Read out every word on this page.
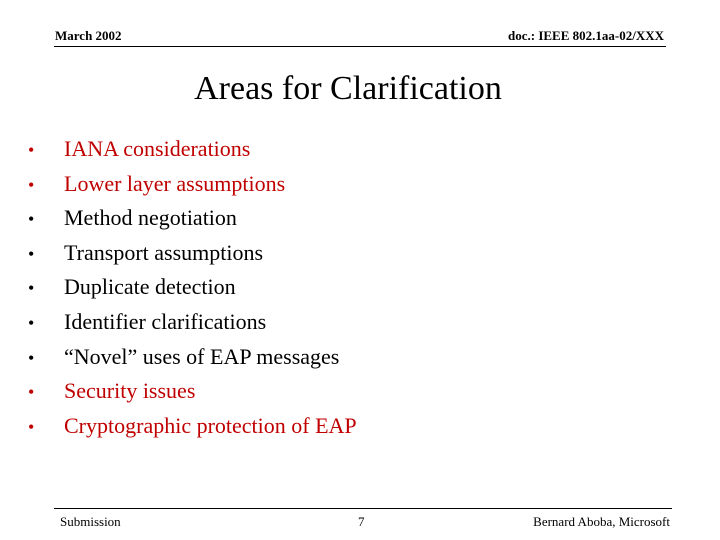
March 2002	doc.: IEEE 802.1aa-02/XXX
Areas for Clarification
•	IANA considerations
•	Lower layer assumptions
•	Method negotiation
•	Transport assumptions
•	Duplicate detection
•	Identifier clarifications
•	“Novel” uses of EAP messages
•	Security issues
•	Cryptographic protection of EAP
Submission	7	Bernard Aboba, Microsoft
